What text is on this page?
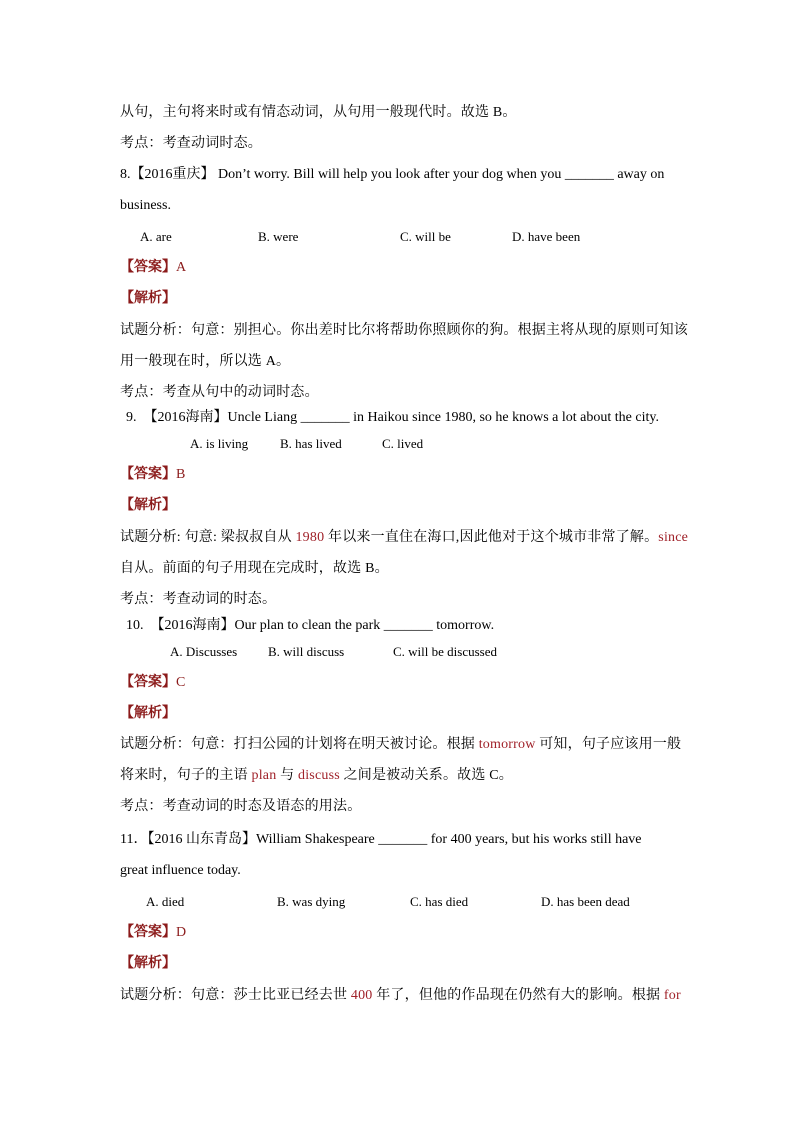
从句，主句将来时或有情态动词，从句用一般现代时。故选 B。
考点：考查动词时态。
8.【2016重庆】 Don’t worry. Bill will help you look after your dog when you _______ away on
business.
A. are	B. were	C. will be	D. have been
【答案】A
【解析】
试题分析：句意：别担心。你出差时比尔将帮助你照顾你的狗。根据主将从现的原则可知该
用一般现在时，所以选 A。
考点：考查从句中的动词时态。
9. 【2016海南】Uncle Liang _______ in Haikou since 1980, so he knows a lot about the city.
A. is living B. has lived	C. lived
【答案】B
【解析】
试题分析: 句意: 梁叔叔自从 1980 年以来一直住在海口,因此他对于这个城市非常了解。since
自从。前面的句子用现在完成时，故选 B。
考点：考查动词的时态。
10. 【2016海南】Our plan to clean the park _______ tomorrow.
A. Discusses B. will discuss	C. will be discussed
【答案】C
【解析】
试题分析：句意：打扫公园的计划将在明天被讨论。根据 tomorrow 可知，句子应该用一般
将来时，句子的主语 plan 与 discuss 之间是被动关系。故选 C。
考点：考查动词的时态及语态的用法。
11．【2016 山东青岛】William Shakespeare _______ for 400 years, but his works still have
great influence today.
A. died	B. was dying	C. has died	D. has been dead
【答案】D
【解析】
试题分析：句意：莎士比亚已经去世 400 年了，但他的作品现在仍然有大的影响。根据 for
